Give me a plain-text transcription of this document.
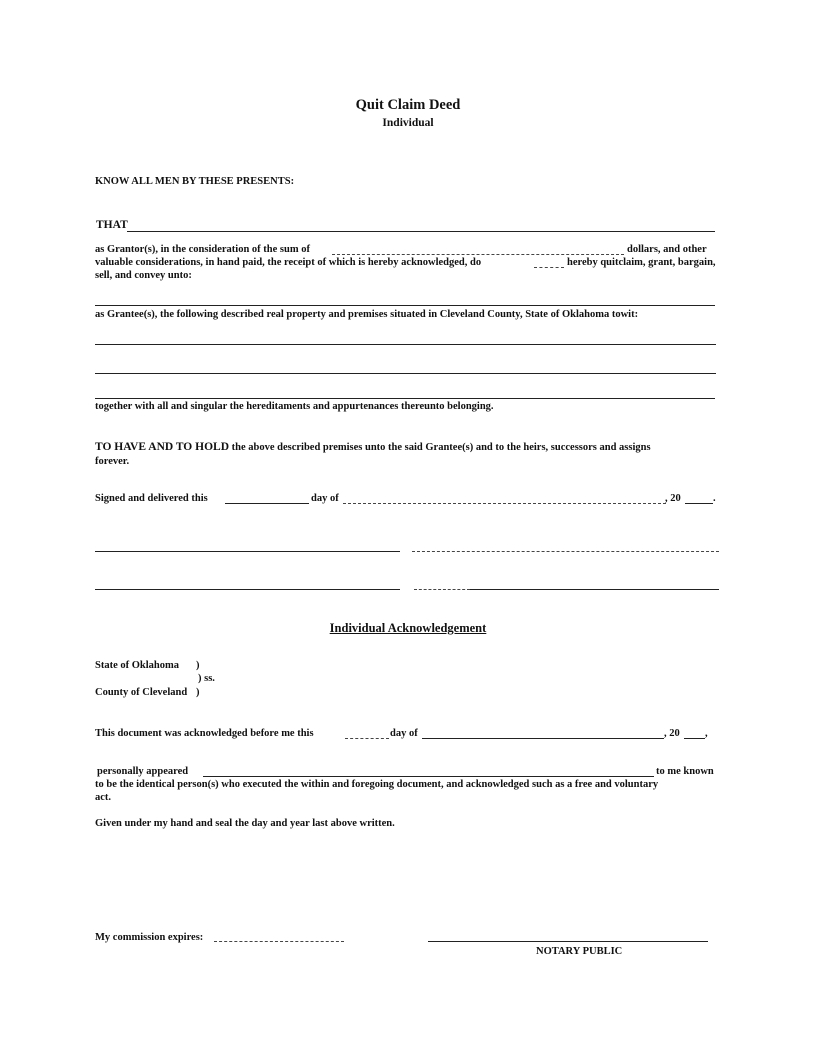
Quit Claim Deed
Individual
KNOW ALL MEN BY THESE PRESENTS:
THAT
as Grantor(s), in the consideration of the sum of	dollars, and other
valuable considerations, in hand paid, the receipt of which is hereby acknowledged, do	hereby quitclaim, grant, bargain,
sell, and convey unto:
as Grantee(s), the following described real property and premises situated in Cleveland County, State of Oklahoma towit:
together with all and singular the hereditaments and appurtenances thereunto belonging.
TO HAVE AND TO HOLD the above described premises unto the said Grantee(s) and to the heirs, successors and assigns
forever.
Signed and delivered this	day of	, 20	.
Individual Acknowledgement
State of Oklahoma )
) ss.
County of Cleveland )
This document was acknowledged before me this	day of	, 20 ,
personally appeared	to me known
to be the identical person(s) who executed the within and foregoing document, and acknowledged such as a free and voluntary
act.
Given under my hand and seal the day and year last above written.
My commission expires:
NOTARY PUBLIC
